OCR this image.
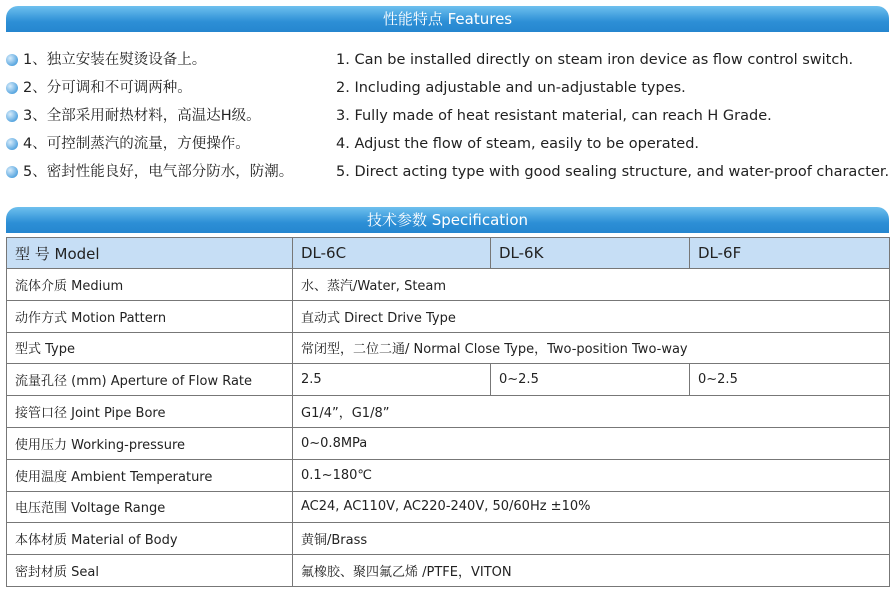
性能特点 Features
1、独立安装在熨烫设备上。	1. Can be installed directly on steam iron device as flow control switch.
2、分可调和不可调两种。	2. Including adjustable and un-adjustable types.
3、全部采用耐热材料，高温达H级。	3. Fully made of heat resistant material, can reach H Grade.
4、可控制蒸汽的流量，方便操作。	4. Adjust the flow of steam, easily to be operated.
5、密封性能良好，电气部分防水，防潮。	5. Direct acting type with good sealing structure, and water-proof character.
技术参数 Specification
型 号 Model	DL-6C	DL-6K	DL-6F
流体介质 Medium	水、蒸汽/Water, Steam		
动作方式 Motion Pattern	直动式 Direct Drive Type		
型式 Type	常闭型，二位二通/ Normal Close Type，Two-position Two-way		
流量孔径 (mm) Aperture of Flow Rate	2.5	0~2.5	0~2.5
接管口径 Joint Pipe Bore	G1/4”，G1/8”		
使用压力 Working-pressure	0~0.8MPa		
使用温度 Ambient Temperature	0.1~180℃		
电压范围 Voltage Range	AC24, AC110V, AC220-240V, 50/60Hz ±10%		
本体材质 Material of Body	黄铜/Brass		
密封材质 Seal	氟橡胶、聚四氟乙烯 /PTFE，VITON		
